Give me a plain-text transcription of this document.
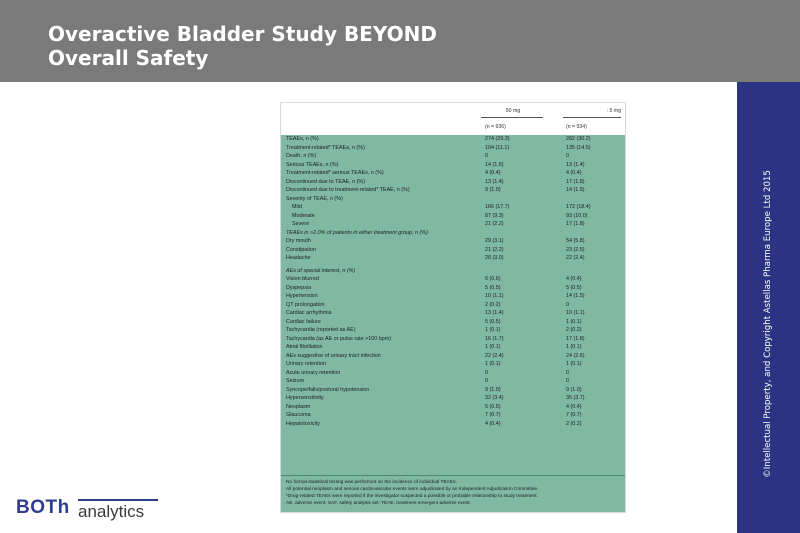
Overactive Bladder Study BEYOND
Overall Safety
©Intellectual Property, and Copyright Astellas Pharma Europe Ltd 2015
BOTh analytics
50 mg	: 5 mg
(n = 936)	(n = 934)
TEAEs, n (%)	274 (29.3)	282 (30.2)
Treatment-related* TEAEs, n (%)	104 (11.1)	135 (14.5)
Death, n (%)	0	0
Serious TEAEs, n (%)	14 (1.5)	13 (1.4)
Treatment-related* serious TEAEs, n (%)	4 (0.4)	4 (0.4)
Discontinued due to TEAE, n (%)	13 (1.4)	17 (1.8)
Discontinued due to treatment-related* TEAE, n (%)	9 (1.0)	14 (1.5)
Severity of TEAE, n (%)
Mild	166 (17.7)	172 (18.4)
Moderate	87 (9.3)	93 (10.0)
Severe	21 (2.2)	17 (1.8)
TEAEs in >2.0% of patients in either treatment group, n (%)
Dry mouth	29 (3.1)	54 (5.8)
Constipation	21 (2.2)	23 (2.5)
Headache	28 (3.0)	22 (2.4)
AEs of special interest, n (%)
Vision blurred	6 (0.6)	4 (0.4)
Dyspepsia	5 (0.5)	5 (0.5)
Hypertension	10 (1.1)	14 (1.5)
QT prolongation	2 (0.2)	0
Cardiac arrhythmia	13 (1.4)	10 (1.1)
Cardiac failure	5 (0.5)	1 (0.1)
Tachycardia (reported as AE)	1 (0.1)	2 (0.2)
Tachycardia (as AE or pulse rate >100 bpm)	16 (1.7)	17 (1.8)
Atrial fibrillation	1 (0.1)	1 (0.1)
AEs suggestive of urinary tract infection	22 (2.4)	24 (2.6)
Urinary retention	1 (0.1)	1 (0.1)
Acute urinary retention	0	0
Seizure	0	0
Syncope/falls/postural hypotension	9 (1.0)	9 (1.0)
Hypersensitivity	32 (3.4)	35 (3.7)
Neoplasm	5 (0.5)	4 (0.4)
Glaucoma	7 (0.7)	7 (0.7)
Hepatotoxicity	4 (0.4)	2 (0.2)
No formal statistical testing was performed on the incidence of individual TEAEs.
All potential neoplasm and serious cardiovascular events were adjudicated by an Independent Adjudication Committee.
*Drug-related TEAEs were reported if the investigator suspected a possible or probable relationship to study treatment.
AE, adverse event; SAF, safety analysis set; TEAE, treatment emergent adverse event.
